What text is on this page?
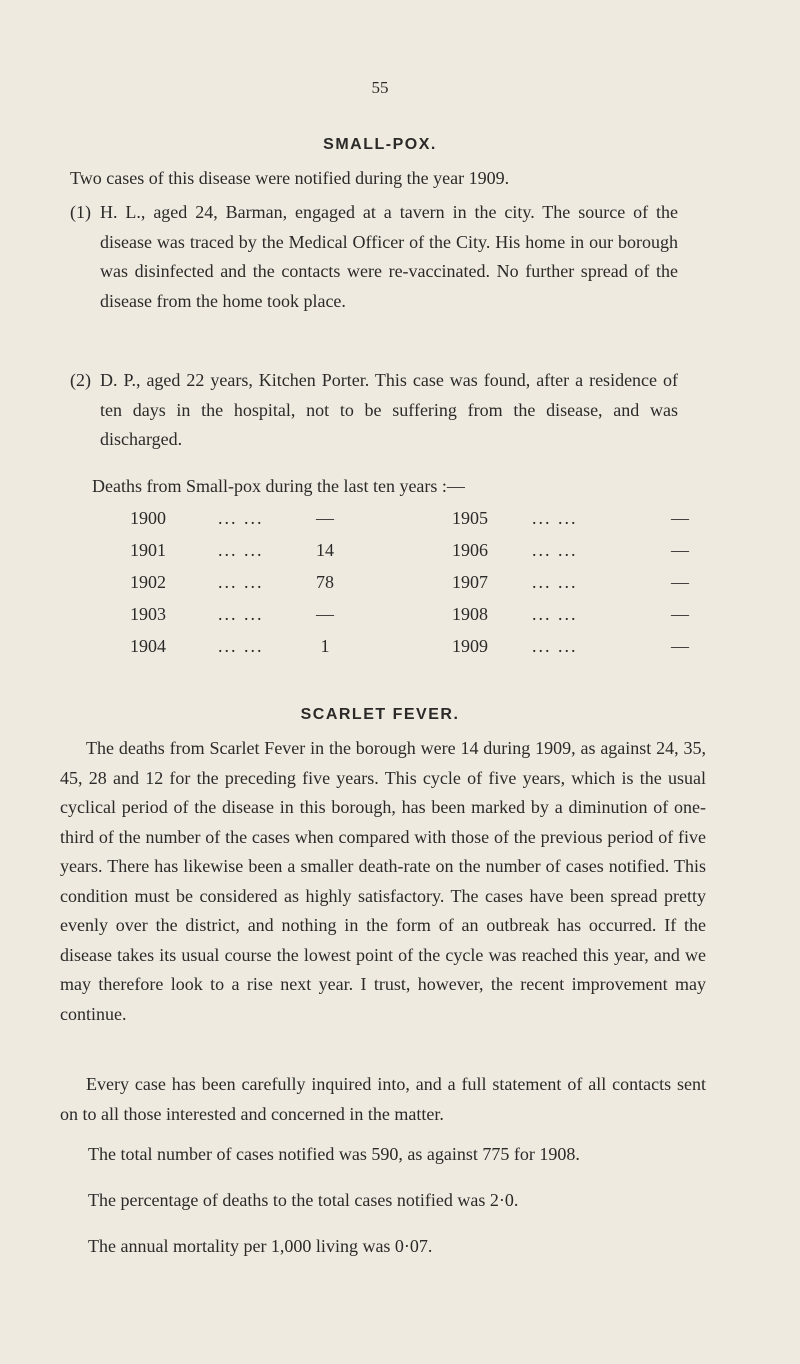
55
SMALL-POX.

Two cases of this disease were notified during the year 1909.

(1) H. L., aged 24, Barman, engaged at a tavern in the city. The source of the disease was traced by the Medical Officer of the City. His home in our borough was disinfected and the contacts were re-vaccinated. No further spread of the disease from the home took place.
(2) D. P., aged 22 years, Kitchen Porter. This case was found, after a residence of ten days in the hospital, not to be suffering from the disease, and was discharged.

Deaths from Small-pox during the last ten years :—

1900	... ...	—	1905 ... ...	—
1901	... ...	14	1906 ... ...	—
1902	... ...	78	1907 ... ...	—
1903	... ...	—	1908 ... ...	—
1904	... ...	1	1909 ... ...	—
SCARLET FEVER.

The deaths from Scarlet Fever in the borough were 14 during 1909, as against 24, 35, 45, 28 and 12 for the preceding five years. This cycle of five years, which is the usual cyclical period of the disease in this borough, has been marked by a diminution of one-third of the number of the cases when compared with those of the previous period of five years. There has likewise been a smaller death-rate on the number of cases notified. This condition must be considered as highly satisfactory. The cases have been spread pretty evenly over the district, and nothing in the form of an outbreak has occurred. If the disease takes its usual course the lowest point of the cycle was reached this year, and we may therefore look to a rise next year. I trust, however, the recent improvement may continue.

Every case has been carefully inquired into, and a full statement of all contacts sent on to all those interested and concerned in the matter.

The total number of cases notified was 590, as against 775 for 1908.

The percentage of deaths to the total cases notified was 2·0.

The annual mortality per 1,000 living was 0·07.
